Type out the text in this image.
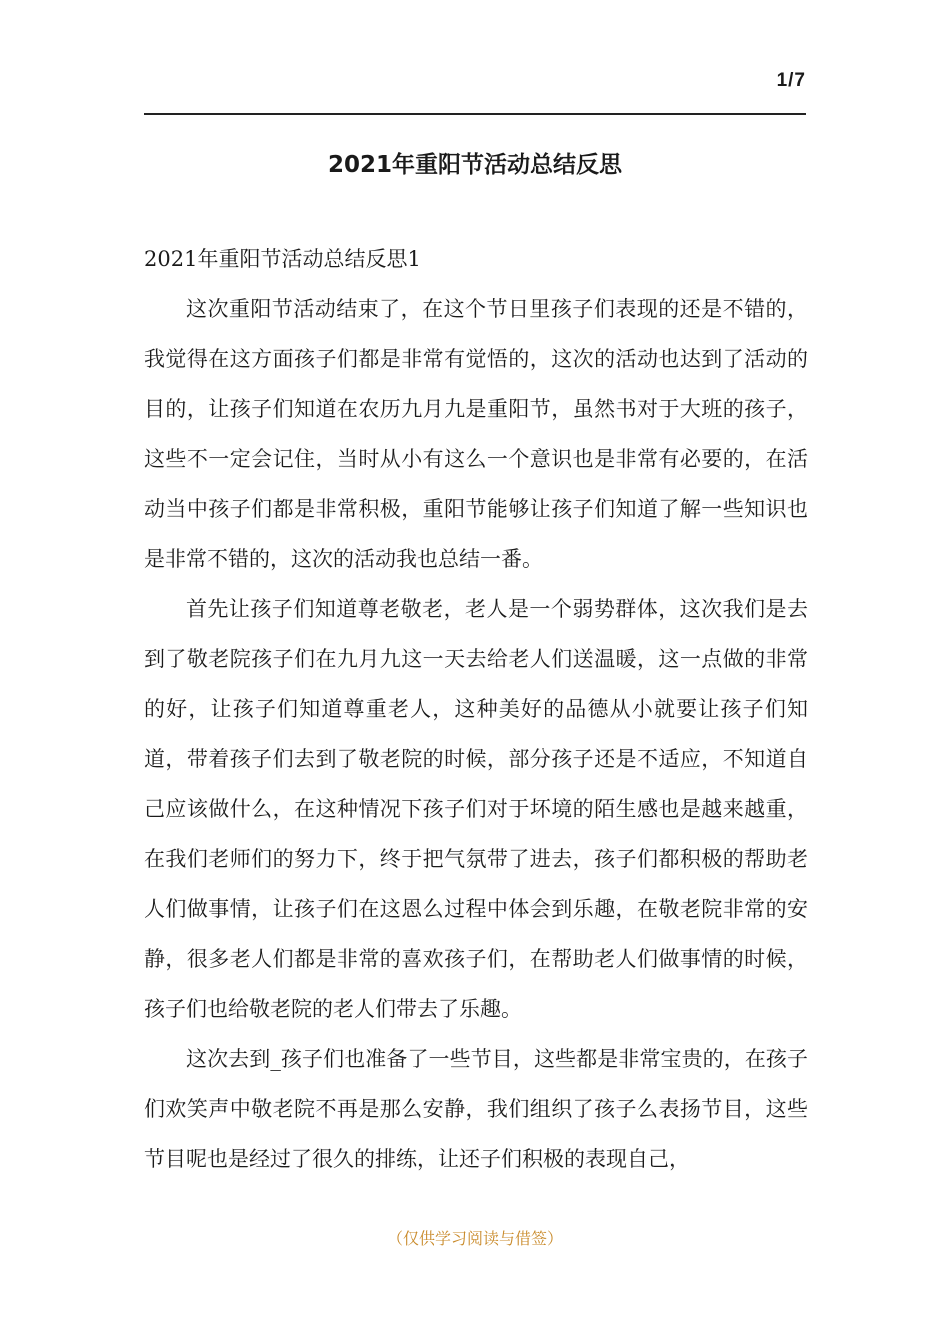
1/7
2021年重阳节活动总结反思

2021年重阳节活动总结反思1

这次重阳节活动结束了，在这个节日里孩子们表现的还是不错的，我觉得在这方面孩子们都是非常有觉悟的，这次的活动也达到了活动的目的，让孩子们知道在农历九月九是重阳节，虽然书对于大班的孩子，这些不一定会记住，当时从小有这么一个意识也是非常有必要的，在活动当中孩子们都是非常积极，重阳节能够让孩子们知道了解一些知识也是非常不错的，这次的活动我也总结一番。

首先让孩子们知道尊老敬老，老人是一个弱势群体，这次我们是去到了敬老院孩子们在九月九这一天去给老人们送温暖，这一点做的非常的好，让孩子们知道尊重老人，这种美好的品德从小就要让孩子们知道，带着孩子们去到了敬老院的时候，部分孩子还是不适应，不知道自己应该做什么，在这种情况下孩子们对于坏境的陌生感也是越来越重，在我们老师们的努力下，终于把气氛带了进去，孩子们都积极的帮助老人们做事情，让孩子们在这恩么过程中体会到乐趣，在敬老院非常的安静，很多老人们都是非常的喜欢孩子们，在帮助老人们做事情的时候，孩子们也给敬老院的老人们带去了乐趣。

这次去到_孩子们也准备了一些节目，这些都是非常宝贵的，在孩子们欢笑声中敬老院不再是那么安静，我们组织了孩子么表扬节目，这些节目呢也是经过了很久的排练，让还子们积极的表现自己，

（仅供学习阅读与借签）
